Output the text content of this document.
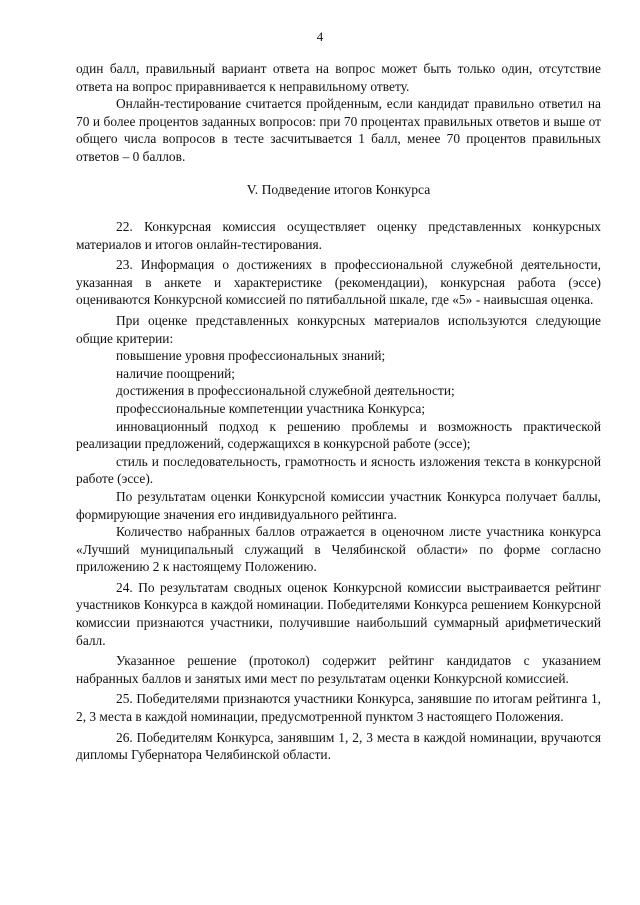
4

один балл, правильный вариант ответа на вопрос может быть только один, отсутствие ответа на вопрос приравнивается к неправильному ответу.

Онлайн-тестирование считается пройденным, если кандидат правильно ответил на 70 и более процентов заданных вопросов: при 70 процентах правильных ответов и выше от общего числа вопросов в тесте засчитывается 1 балл, менее 70 процентов правильных ответов – 0 баллов.

V. Подведение итогов Конкурса

22. Конкурсная комиссия осуществляет оценку представленных конкурсных материалов и итогов онлайн-тестирования.

23. Информация о достижениях в профессиональной служебной деятельности, указанная в анкете и характеристике (рекомендации), конкурсная работа (эссе) оцениваются Конкурсной комиссией по пятибалльной шкале, где «5» - наивысшая оценка.

При оценке представленных конкурсных материалов используются следующие общие критерии:

повышение уровня профессиональных знаний;

наличие поощрений;

достижения в профессиональной служебной деятельности;

профессиональные компетенции участника Конкурса;

инновационный подход к решению проблемы и возможность практической реализации предложений, содержащихся в конкурсной работе (эссе);

стиль и последовательность, грамотность и ясность изложения текста в конкурсной работе (эссе).

По результатам оценки Конкурсной комиссии участник Конкурса получает баллы, формирующие значения его индивидуального рейтинга.

Количество набранных баллов отражается в оценочном листе участника конкурса «Лучший муниципальный служащий в Челябинской области» по форме согласно приложению 2 к настоящему Положению.

24. По результатам сводных оценок Конкурсной комиссии выстраивается рейтинг участников Конкурса в каждой номинации. Победителями Конкурса решением Конкурсной комиссии признаются участники, получившие наибольший суммарный арифметический балл.

Указанное решение (протокол) содержит рейтинг кандидатов с указанием набранных баллов и занятых ими мест по результатам оценки Конкурсной комиссией.

25. Победителями признаются участники Конкурса, занявшие по итогам рейтинга 1, 2, 3 места в каждой номинации, предусмотренной пунктом 3 настоящего Положения.

26. Победителям Конкурса, занявшим 1, 2, 3 места в каждой номинации, вручаются дипломы Губернатора Челябинской области.
